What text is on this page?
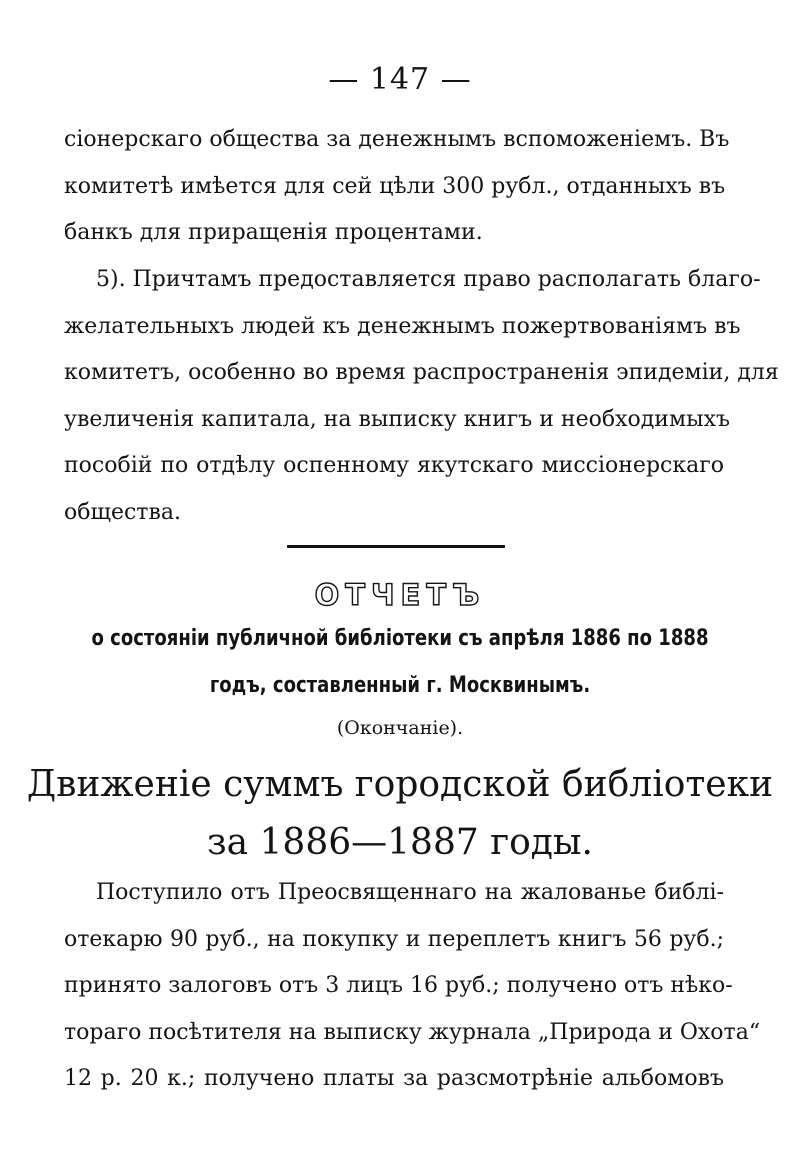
— 147 —
сіонерскаго общества за денежнымъ вспоможеніемъ. Въ
комитетѣ имѣется для сей цѣли 300 рубл., отданныхъ въ
банкъ для приращенія процентами.
5). Причтамъ предоставляется право располагать благо-
желательныхъ людей къ денежнымъ пожертвованіямъ въ
комитетъ, особенно во время распространенія эпидеміи, для
увеличенія капитала, на выписку книгъ и необходимыхъ
пособій по отдѣлу оспенному якутскаго миссіонерскаго
общества.
ОТЧЕТЪ
о состояніи публичной библіотеки съ апрѣля 1886 по 1888
годъ, составленный г. Москвинымъ.
(Окончаніе).
Движеніе суммъ городской библіотеки
за 1886—1887 годы.
Поступило отъ Преосвященнаго на жалованье библі-
отекарю 90 руб., на покупку и переплетъ книгъ 56 руб.;
принято залоговъ отъ 3 лицъ 16 руб.; получено отъ нѣко-
тораго посѣтителя на выписку журнала „Природа и Охота“
12 р. 20 к.; получено платы за разсмотрѣніе альбомовъ
